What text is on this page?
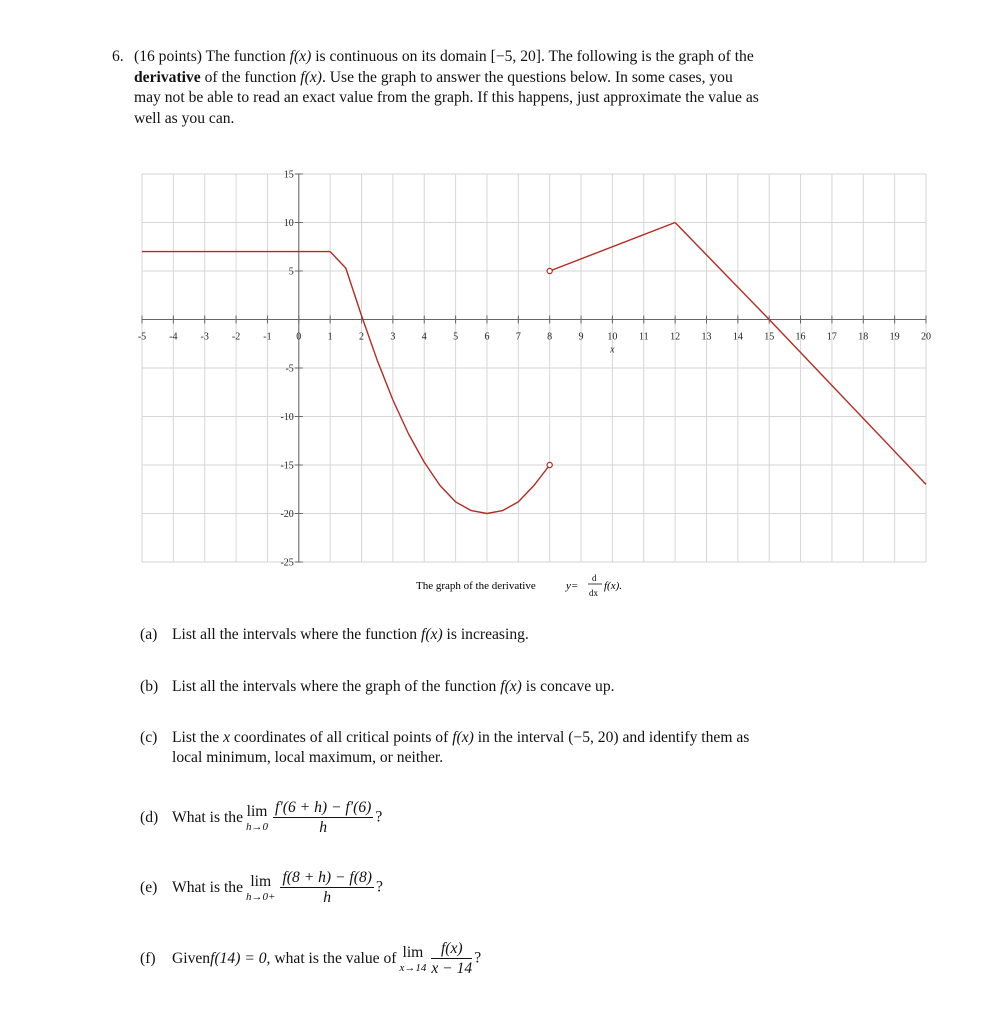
6. (16 points) The function f(x) is continuous on its domain [−5, 20]. The following is the graph of the
derivative of the function f(x). Use the graph to answer the questions below. In some cases, you
may not be able to read an exact value from the graph. If this happens, just approximate the value as
well as you can.
-5 -4 -3 -2 -1 0	1	2	3	4	5	6	7	8	9 10 11 12 13 14 15 16 17 18 19 20
x
15
10
5
-5
-10
-15
-20
-25
The graph of the derivative	y=
d
dx
f(x).
(a) List all the intervals where the function f(x) is increasing.
(b) List all the intervals where the graph of the function f(x) is concave up.
(c) List the x coordinates of all critical points of f(x) in the interval (−5, 20) and identify them as
local minimum, local maximum, or neither.
(d) What is the lim
$h\to 0 \frac{f'(6 + h) - f'(6)}{h}$ ?
(e) What is the lim
$h\to 0+ \frac{f(8 + h) - f(8)}{h}$ ?
(f) Givenf(14) = 0, what is the value of lim
$x\to 14 \frac{f(x)}{x - 14}$ ?
